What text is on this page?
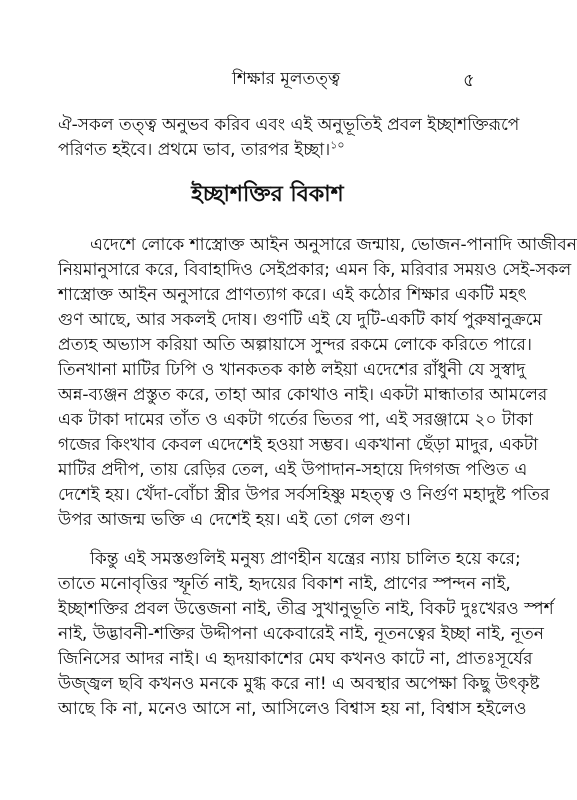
শিক্ষার মূলতত্ত্ব	৫
ঐ-সকল তত্ত্ব অনুভব করিব এবং এই অনুভূতিই প্রবল ইচ্ছাশক্তিরূপে
পরিণত হইবে। প্রথমে ভাব, তারপর ইচ্ছা।$^{১০}$
ইচ্ছাশক্তির বিকাশ
এদেশে লোকে শাস্ত্রোক্ত আইন অনুসারে জন্মায়, ভোজন-পানাদি আজীবন
নিয়মানুসারে করে, বিবাহাদিও সেইপ্রকার; এমন কি, মরিবার সময়ও সেই-সকল
শাস্ত্রোক্ত আইন অনুসারে প্রাণত্যাগ করে। এই কঠোর শিক্ষার একটি মহৎ
গুণ আছে, আর সকলই দোষ। গুণটি এই যে দুটি-একটি কার্য পুরুষানুক্রমে
প্রত্যহ অভ্যাস করিয়া অতি অল্পায়াসে সুন্দর রকমে লোকে করিতে পারে।
তিনখানা মাটির ঢিপি ও খানকতক কাষ্ঠ লইয়া এদেশের রাঁধুনী যে সুস্বাদু
অন্ন-ব্যঞ্জন প্রস্তুত করে, তাহা আর কোথাও নাই। একটা মান্ধাতার আমলের
এক টাকা দামের তাঁত ও একটা গর্তের ভিতর পা, এই সরঞ্জামে ২০ টাকা
গজের কিংখাব কেবল এদেশেই হওয়া সম্ভব। একখানা ছেঁড়া মাদুর, একটা
মাটির প্রদীপ, তায় রেড়ির তেল, এই উপাদান-সহায়ে দিগগজ পণ্ডিত এ
দেশেই হয়। খেঁদা-বোঁচা স্ত্রীর উপর সর্বসহিষ্ণু মহত্ত্ব ও নির্গুণ মহাদুষ্ট পতির
উপর আজন্ম ভক্তি এ দেশেই হয়। এই তো গেল গুণ।
কিন্তু এই সমস্তগুলিই মনুষ্য প্রাণহীন যন্ত্রের ন্যায় চালিত হয়ে করে;
তাতে মনোবৃত্তির স্ফূর্তি নাই, হৃদয়ের বিকাশ নাই, প্রাণের স্পন্দন নাই,
ইচ্ছাশক্তির প্রবল উত্তেজনা নাই, তীব্র সুখানুভূতি নাই, বিকট দুঃখেরও স্পর্শ
নাই, উদ্ভাবনী-শক্তির উদ্দীপনা একেবারেই নাই, নূতনত্বের ইচ্ছা নাই, নূতন
জিনিসের আদর নাই। এ হৃদয়াকাশের মেঘ কখনও কাটে না, প্রাতঃসূর্যের
উজ্জ্বল ছবি কখনও মনকে মুগ্ধ করে না! এ অবস্থার অপেক্ষা কিছু উৎকৃষ্ট
আছে কি না, মনেও আসে না, আসিলেও বিশ্বাস হয় না, বিশ্বাস হইলেও
